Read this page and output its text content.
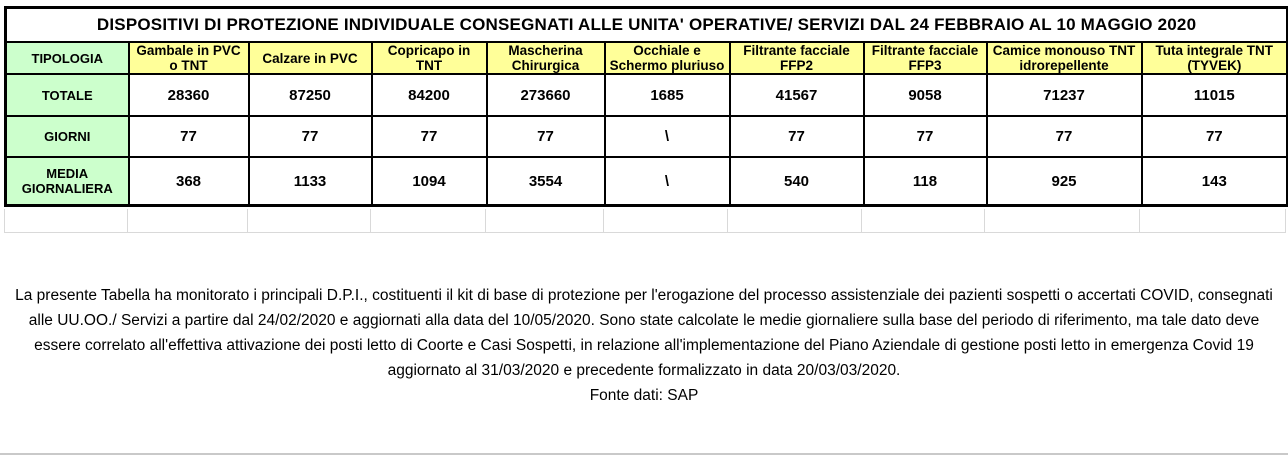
DISPOSITIVI DI PROTEZIONE INDIVIDUALE CONSEGNATI ALLE UNITA' OPERATIVE/ SERVIZI DAL 24 FEBBRAIO AL 10 MAGGIO 2020									
TIPOLOGIA	Gambale in PVC o TNT	Calzare in PVC	Copricapo in TNT	Mascherina Chirurgica	Occhiale e Schermo pluriuso	Filtrante facciale FFP2	Filtrante facciale FFP3	Camice monouso TNT idrorepellente	Tuta integrale TNT (TYVEK)
TOTALE	28360	87250	84200	273660	1685	41567	9058	71237	11015
GIORNI	77	77	77	77	\	77	77	77	77
MEDIA GIORNALIERA	368	1133	1094	3554	\	540	118	925	143

La presente Tabella ha monitorato i principali D.P.I., costituenti il kit di base di protezione per l'erogazione del processo assistenziale dei pazienti sospetti o accertati COVID, consegnati alle UU.OO./ Servizi a partire dal 24/02/2020 e aggiornati alla data del 10/05/2020. Sono state calcolate le medie giornaliere sulla base del periodo di riferimento, ma tale dato deve essere correlato all'effettiva attivazione dei posti letto di Coorte e Casi Sospetti, in relazione all'implementazione del Piano Aziendale di gestione posti letto in emergenza Covid 19 aggiornato al 31/03/2020 e precedente formalizzato in data 20/03/03/2020.

Fonte dati: SAP
